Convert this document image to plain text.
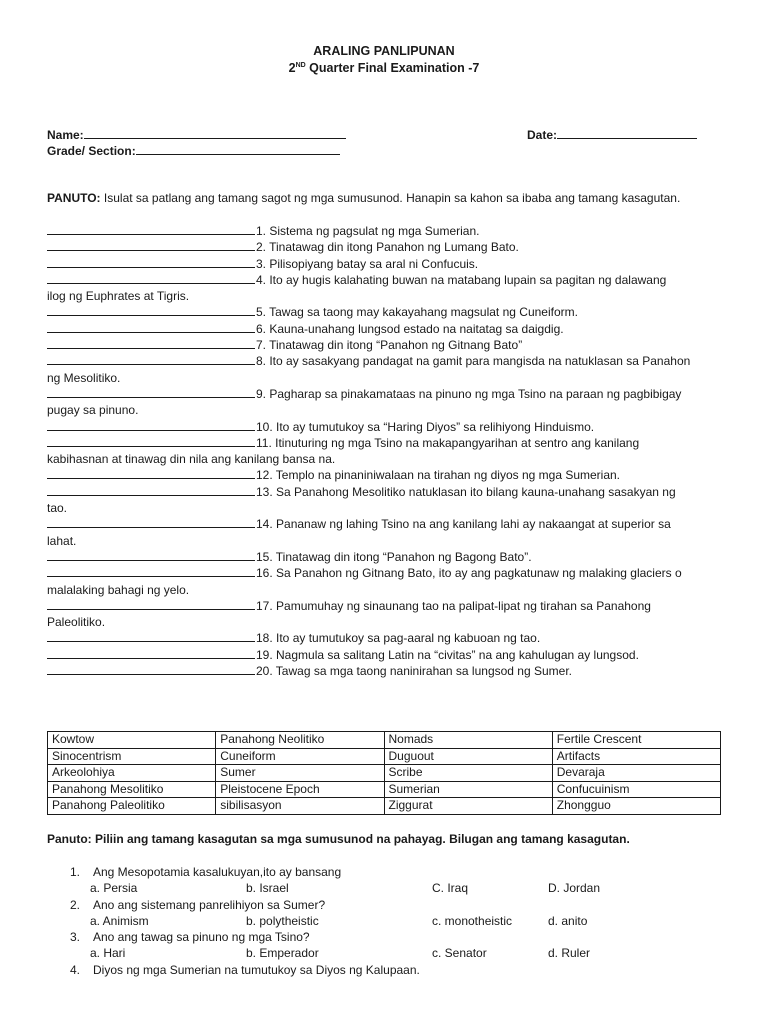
ARALING PANLIPUNAN
2ND Quarter Final Examination -7
Name:	Date:
Grade/ Section:
PANUTO: Isulat sa patlang ang tamang sagot ng mga sumusunod. Hanapin sa kahon sa ibaba ang tamang kasagutan.
1. Sistema ng pagsulat ng mga Sumerian.
2. Tinatawag din itong Panahon ng Lumang Bato.
3. Pilisopiyang batay sa aral ni Confucuis.
4. Ito ay hugis kalahating buwan na matabang lupain sa pagitan ng dalawang
ilog ng Euphrates at Tigris.
5. Tawag sa taong may kakayahang magsulat ng Cuneiform.
6. Kauna-unahang lungsod estado na naitatag sa daigdig.
7. Tinatawag din itong “Panahon ng Gitnang Bato”
8. Ito ay sasakyang pandagat na gamit para mangisda na natuklasan sa Panahon
ng Mesolitiko.
9. Pagharap sa pinakamataas na pinuno ng mga Tsino na paraan ng pagbibigay
pugay sa pinuno.
10. Ito ay tumutukoy sa “Haring Diyos” sa relihiyong Hinduismo.
11. Itinuturing ng mga Tsino na makapangyarihan at sentro ang kanilang
kabihasnan at tinawag din nila ang kanilang bansa na.
12. Templo na pinaniniwalaan na tirahan ng diyos ng mga Sumerian.
13. Sa Panahong Mesolitiko natuklasan ito bilang kauna-unahang sasakyan ng
tao.
14. Pananaw ng lahing Tsino na ang kanilang lahi ay nakaangat at superior sa
lahat.
15. Tinatawag din itong “Panahon ng Bagong Bato”.
16. Sa Panahon ng Gitnang Bato, ito ay ang pagkatunaw ng malaking glaciers o
malalaking bahagi ng yelo.
17. Pamumuhay ng sinaunang tao na palipat-lipat ng tirahan sa Panahong
Paleolitiko.
18. Ito ay tumutukoy sa pag-aaral ng kabuoan ng tao.
19. Nagmula sa salitang Latin na “civitas” na ang kahulugan ay lungsod.
20. Tawag sa mga taong naninirahan sa lungsod ng Sumer.
Kowtow	Panahong Neolitiko	Nomads	Fertile Crescent
Sinocentrism	Cuneiform	Duguout	Artifacts
Arkeolohiya	Sumer	Scribe	Devaraja
Panahong Mesolitiko	Pleistocene Epoch	Sumerian	Confucuinism
Panahong Paleolitiko	sibilisasyon	Ziggurat	Zhongguo
Panuto: Piliin ang tamang kasagutan sa mga sumusunod na pahayag. Bilugan ang tamang kasagutan.
1. Ang Mesopotamia kasalukuyan,ito ay bansang
a. Persia	b. Israel	C. Iraq	D. Jordan
2. Ano ang sistemang panrelihiyon sa Sumer?
a. Animism	b. polytheistic	c. monotheistic	d. anito
3. Ano ang tawag sa pinuno ng mga Tsino?
a. Hari	b. Emperador	c. Senator	d. Ruler
4. Diyos ng mga Sumerian na tumutukoy sa Diyos ng Kalupaan.
